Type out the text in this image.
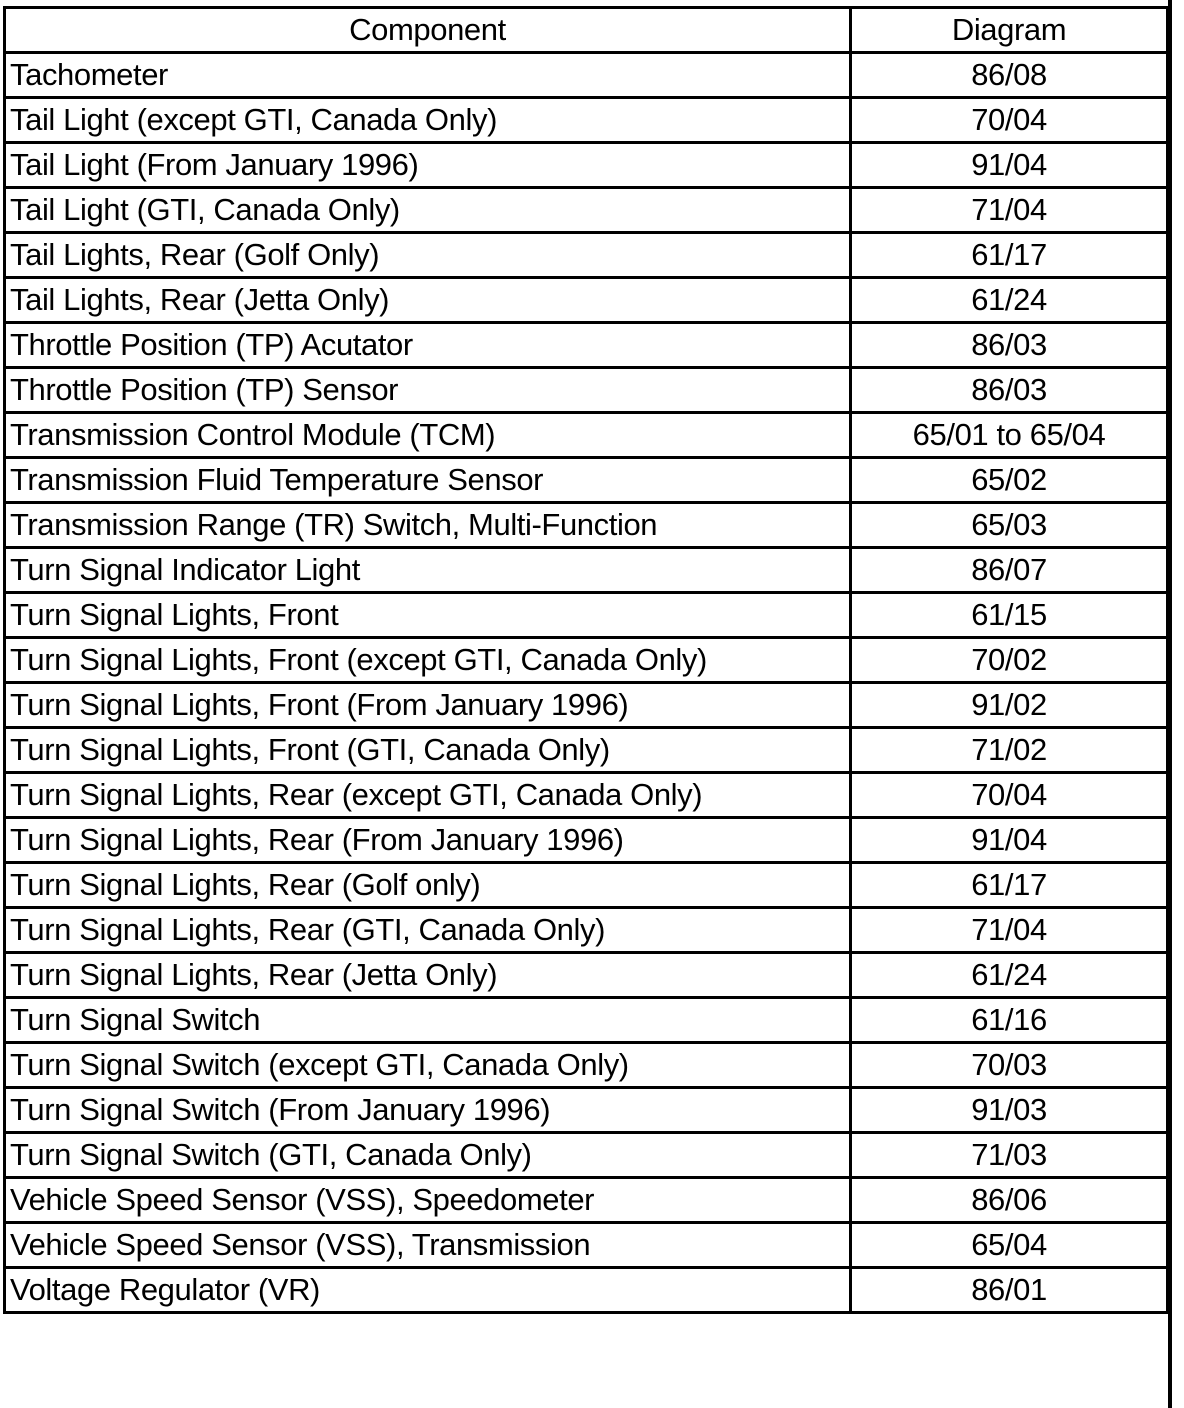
Component	Diagram
Tachometer	86/08
Tail Light (except GTI, Canada Only)	70/04
Tail Light (From January 1996)	91/04
Tail Light (GTI, Canada Only)	71/04
Tail Lights, Rear (Golf Only)	61/17
Tail Lights, Rear (Jetta Only)	61/24
Throttle Position (TP) Acutator	86/03
Throttle Position (TP) Sensor	86/03
Transmission Control Module (TCM)	65/01 to 65/04
Transmission Fluid Temperature Sensor	65/02
Transmission Range (TR) Switch, Multi-Function	65/03
Turn Signal Indicator Light	86/07
Turn Signal Lights, Front	61/15
Turn Signal Lights, Front (except GTI, Canada Only)	70/02
Turn Signal Lights, Front (From January 1996)	91/02
Turn Signal Lights, Front (GTI, Canada Only)	71/02
Turn Signal Lights, Rear (except GTI, Canada Only)	70/04
Turn Signal Lights, Rear (From January 1996)	91/04
Turn Signal Lights, Rear (Golf only)	61/17
Turn Signal Lights, Rear (GTI, Canada Only)	71/04
Turn Signal Lights, Rear (Jetta Only)	61/24
Turn Signal Switch	61/16
Turn Signal Switch (except GTI, Canada Only)	70/03
Turn Signal Switch (From January 1996)	91/03
Turn Signal Switch (GTI, Canada Only)	71/03
Vehicle Speed Sensor (VSS), Speedometer	86/06
Vehicle Speed Sensor (VSS), Transmission	65/04
Voltage Regulator (VR)	86/01
